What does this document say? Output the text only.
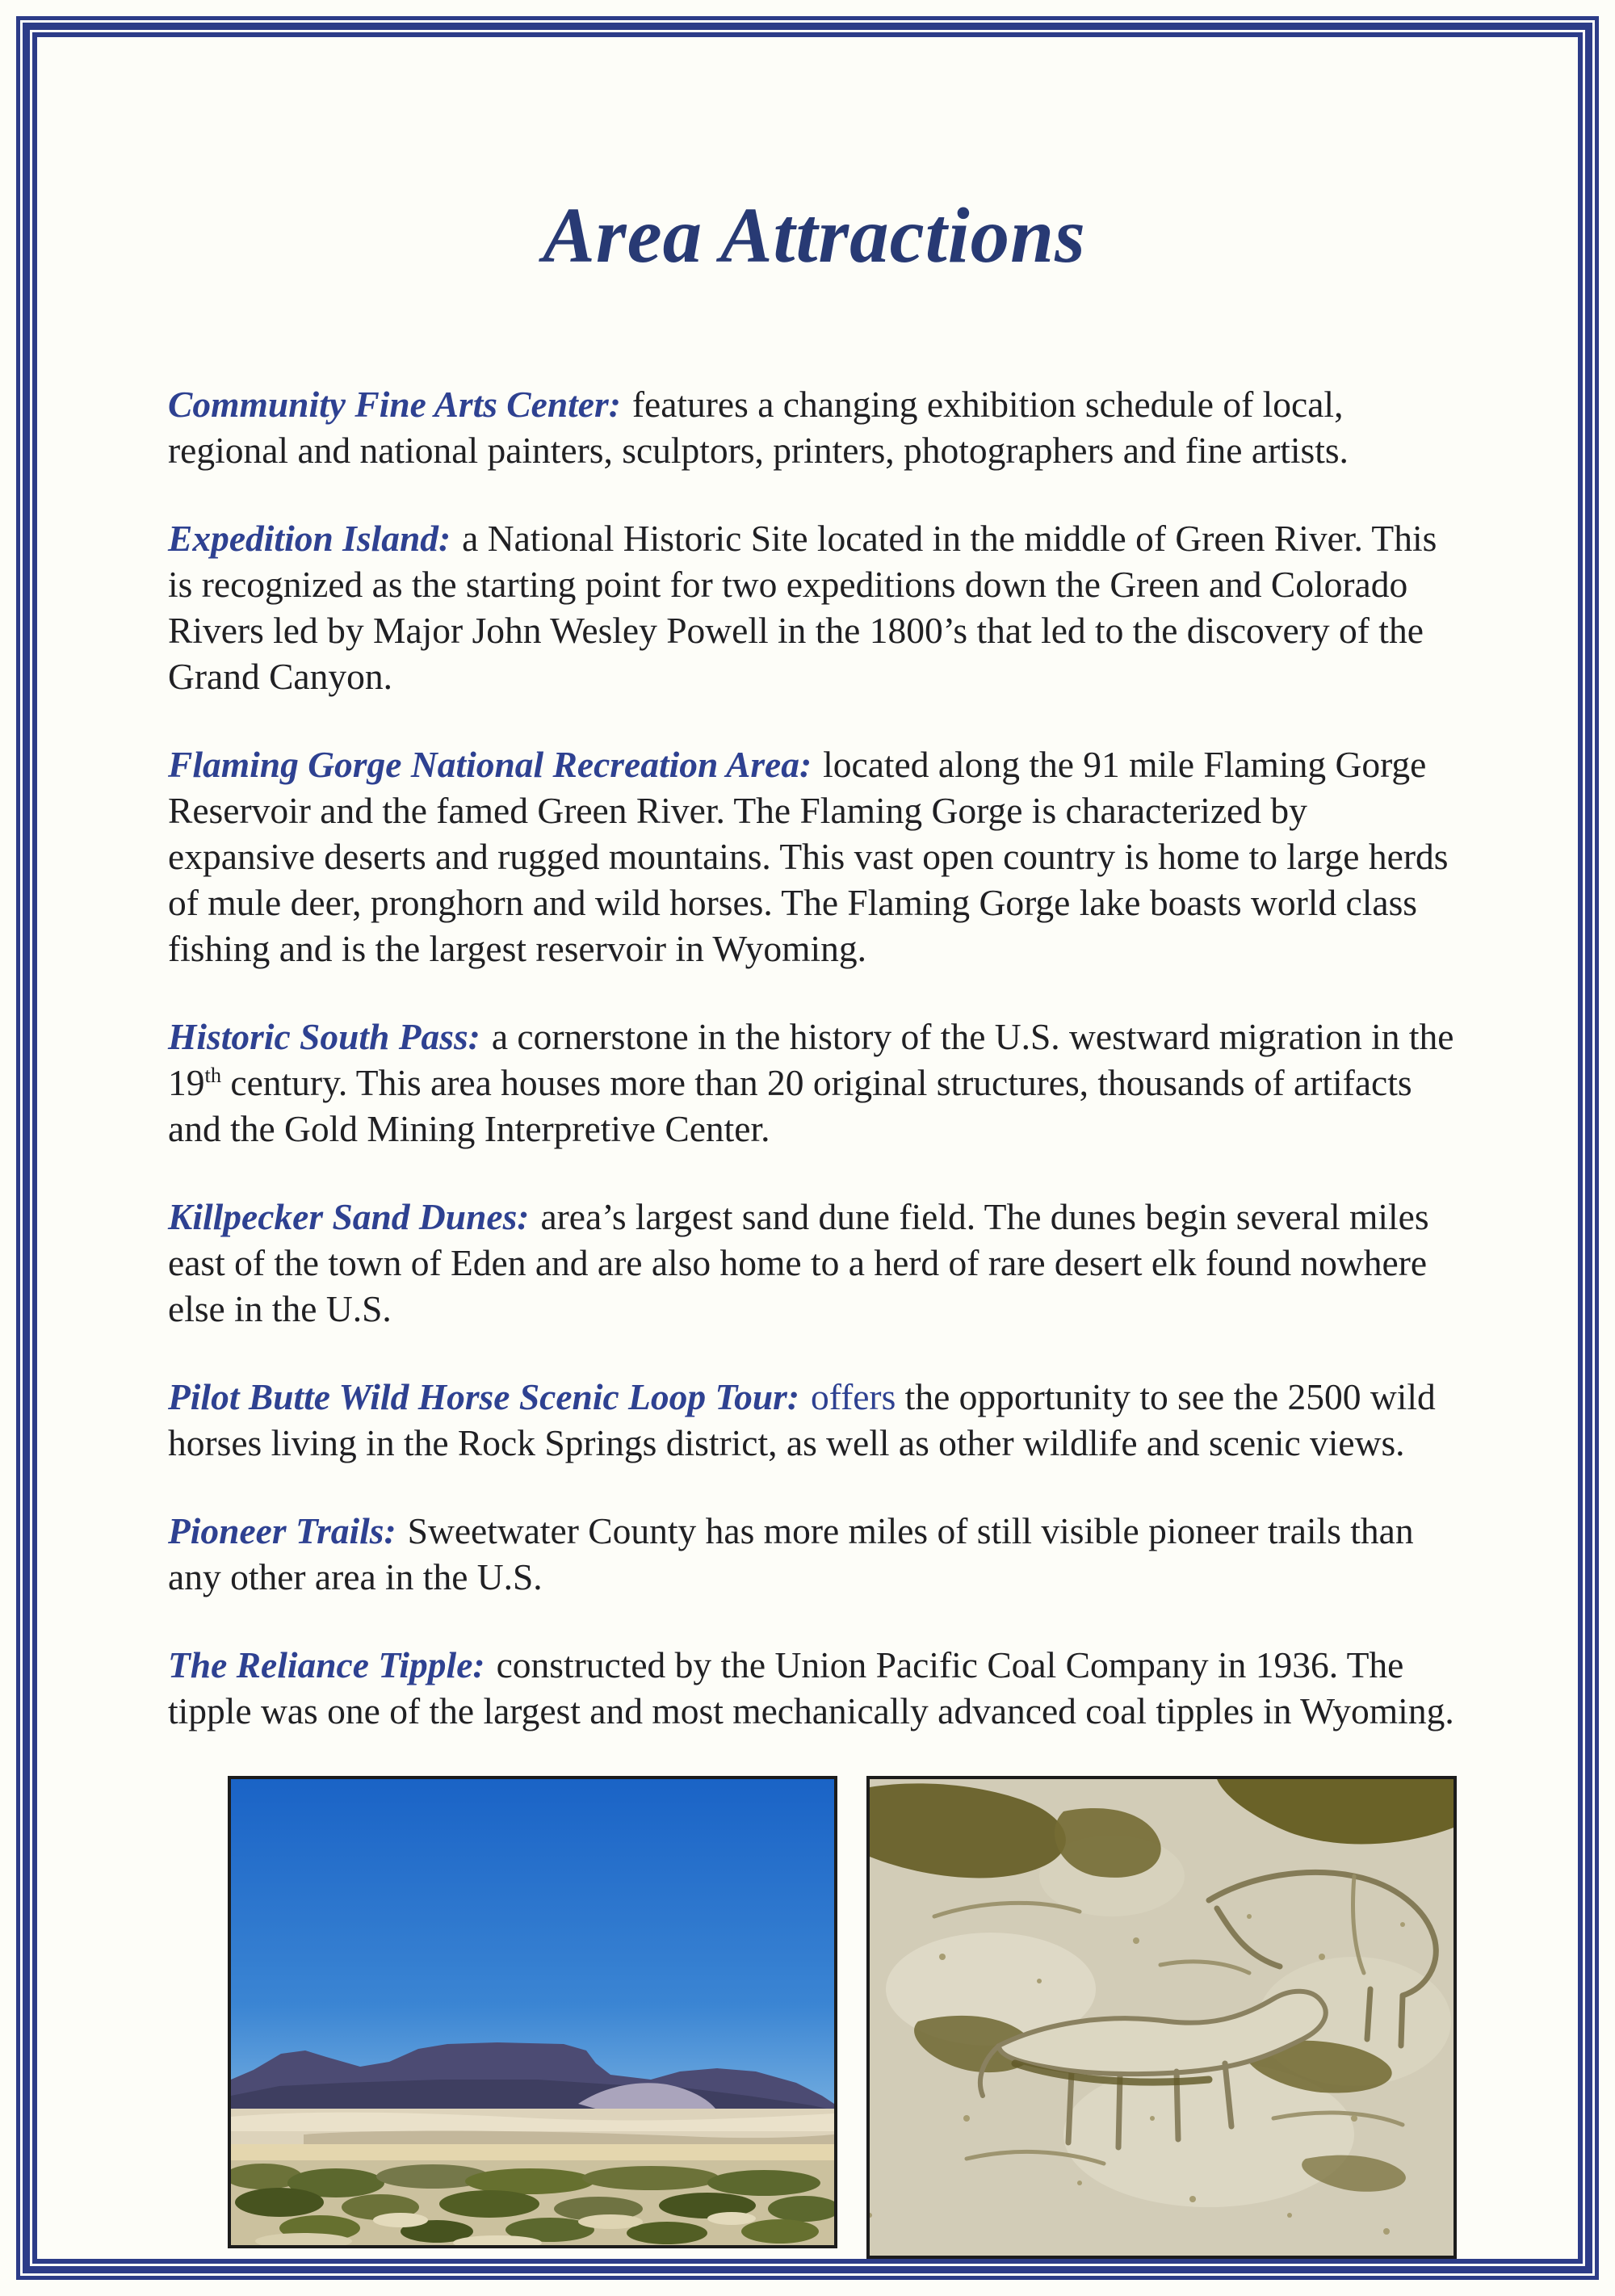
Area Attractions

Community Fine Arts Center: features a changing exhibition schedule of local, regional and national painters, sculptors, printers, photographers and fine artists.

Expedition Island: a National Historic Site located in the middle of Green River. This is recognized as the starting point for two expeditions down the Green and Colorado Rivers led by Major John Wesley Powell in the 1800’s that led to the discovery of the Grand Canyon.

Flaming Gorge National Recreation Area: located along the 91 mile Flaming Gorge Reservoir and the famed Green River. The Flaming Gorge is characterized by expansive deserts and rugged mountains. This vast open country is home to large herds of mule deer, pronghorn and wild horses. The Flaming Gorge lake boasts world class fishing and is the largest reservoir in Wyoming.

Historic South Pass: a cornerstone in the history of the U.S. westward migration in the 19th century. This area houses more than 20 original structures, thousands of artifacts and the Gold Mining Interpretive Center.

Killpecker Sand Dunes: area’s largest sand dune field. The dunes begin several miles east of the town of Eden and are also home to a herd of rare desert elk found nowhere else in the U.S.

Pilot Butte Wild Horse Scenic Loop Tour: offers the opportunity to see the 2500 wild horses living in the Rock Springs district, as well as other wildlife and scenic views.

Pioneer Trails: Sweetwater County has more miles of still visible pioneer trails than any other area in the U.S.

The Reliance Tipple: constructed by the Union Pacific Coal Company in 1936. The tipple was one of the largest and most mechanically advanced coal tipples in Wyoming.
